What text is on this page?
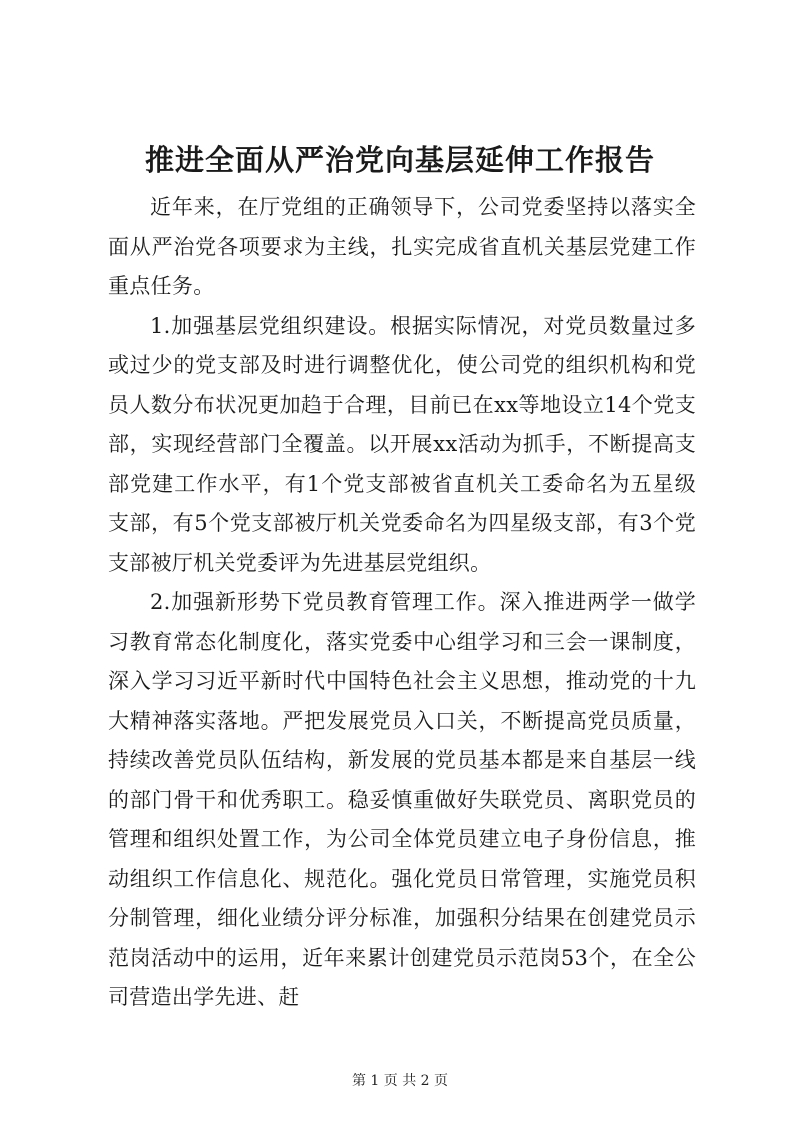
推进全面从严治党向基层延伸工作报告

近年来，在厅党组的正确领导下，公司党委坚持以落实全面从严治党各项要求为主线，扎实完成省直机关基层党建工作重点任务。

1.加强基层党组织建设。根据实际情况，对党员数量过多或过少的党支部及时进行调整优化，使公司党的组织机构和党员人数分布状况更加趋于合理，目前已在xx等地设立14个党支部，实现经营部门全覆盖。以开展xx活动为抓手，不断提高支部党建工作水平，有1个党支部被省直机关工委命名为五星级支部，有5个党支部被厅机关党委命名为四星级支部，有3个党支部被厅机关党委评为先进基层党组织。

2.加强新形势下党员教育管理工作。深入推进两学一做学习教育常态化制度化，落实党委中心组学习和三会一课制度，深入学习习近平新时代中国特色社会主义思想，推动党的十九大精神落实落地。严把发展党员入口关，不断提高党员质量，持续改善党员队伍结构，新发展的党员基本都是来自基层一线的部门骨干和优秀职工。稳妥慎重做好失联党员、离职党员的管理和组织处置工作，为公司全体党员建立电子身份信息，推动组织工作信息化、规范化。强化党员日常管理，实施党员积分制管理，细化业绩分评分标准，加强积分结果在创建党员示范岗活动中的运用，近年来累计创建党员示范岗53个，在全公司营造出学先进、赶

第 1 页 共 2 页
